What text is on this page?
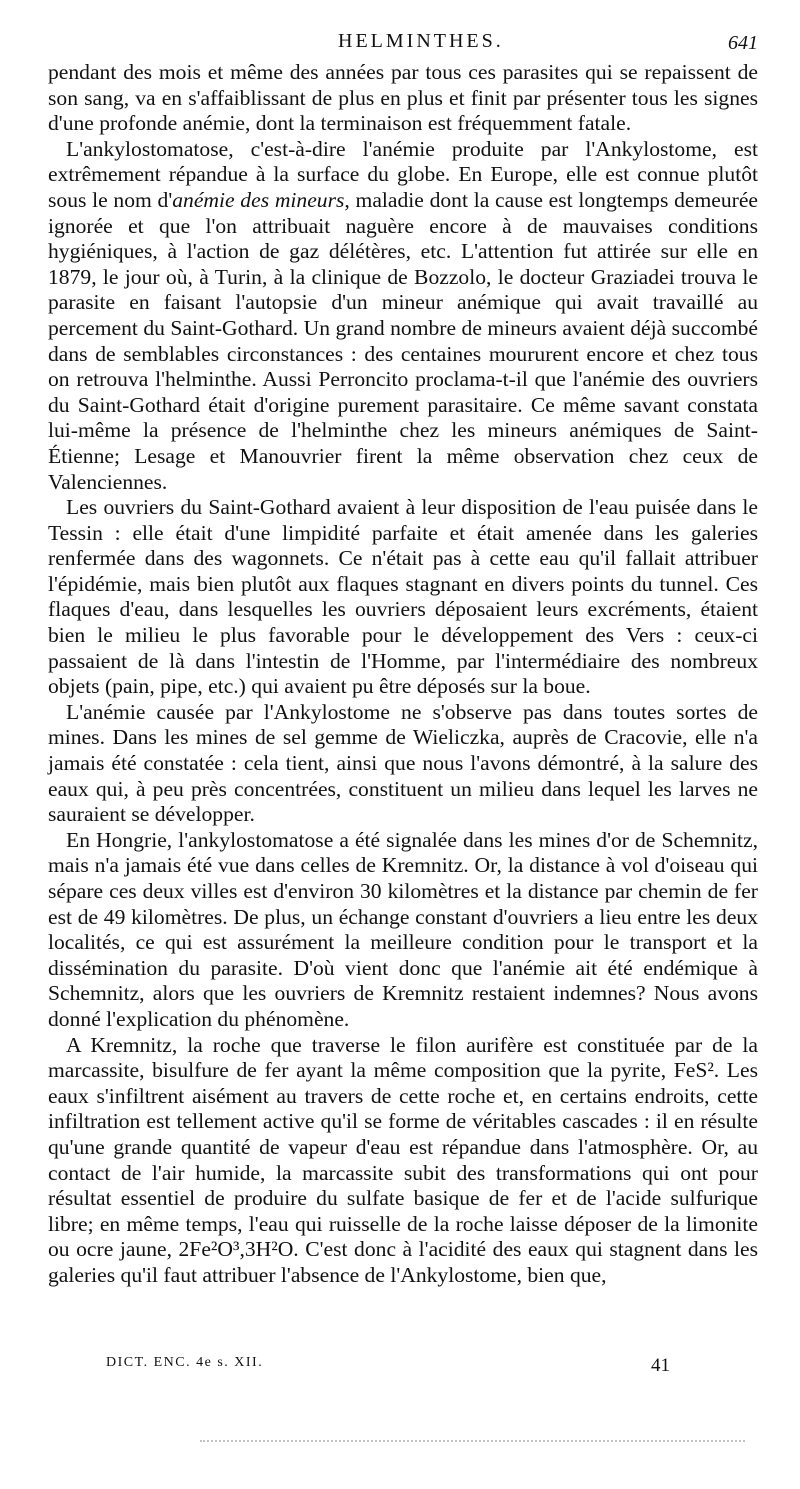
HELMINTHES.	641

pendant des mois et même des années par tous ces parasites qui se repaissent de son sang, va en s'affaiblissant de plus en plus et finit par présenter tous les signes d'une profonde anémie, dont la terminaison est fréquemment fatale.

L'ankylostomatose, c'est-à-dire l'anémie produite par l'Ankylostome, est extrêmement répandue à la surface du globe. En Europe, elle est connue plutôt sous le nom d'anémie des mineurs, maladie dont la cause est longtemps demeurée ignorée et que l'on attribuait naguère encore à de mauvaises conditions hygiéniques, à l'action de gaz délétères, etc. L'attention fut attirée sur elle en 1879, le jour où, à Turin, à la clinique de Bozzolo, le docteur Graziadei trouva le parasite en faisant l'autopsie d'un mineur anémique qui avait travaillé au percement du Saint-Gothard. Un grand nombre de mineurs avaient déjà succombé dans de semblables circonstances : des centaines moururent encore et chez tous on retrouva l'helminthe. Aussi Perroncito proclama-t-il que l'anémie des ouvriers du Saint-Gothard était d'origine purement parasitaire. Ce même savant constata lui-même la présence de l'helminthe chez les mineurs anémiques de Saint-Étienne; Lesage et Manouvrier firent la même observation chez ceux de Valenciennes.

Les ouvriers du Saint-Gothard avaient à leur disposition de l'eau puisée dans le Tessin : elle était d'une limpidité parfaite et était amenée dans les galeries renfermée dans des wagonnets. Ce n'était pas à cette eau qu'il fallait attribuer l'épidémie, mais bien plutôt aux flaques stagnant en divers points du tunnel. Ces flaques d'eau, dans lesquelles les ouvriers déposaient leurs excréments, étaient bien le milieu le plus favorable pour le développement des Vers : ceux-ci passaient de là dans l'intestin de l'Homme, par l'intermédiaire des nombreux objets (pain, pipe, etc.) qui avaient pu être déposés sur la boue.

L'anémie causée par l'Ankylostome ne s'observe pas dans toutes sortes de mines. Dans les mines de sel gemme de Wieliczka, auprès de Cracovie, elle n'a jamais été constatée : cela tient, ainsi que nous l'avons démontré, à la salure des eaux qui, à peu près concentrées, constituent un milieu dans lequel les larves ne sauraient se développer.

En Hongrie, l'ankylostomatose a été signalée dans les mines d'or de Schemnitz, mais n'a jamais été vue dans celles de Kremnitz. Or, la distance à vol d'oiseau qui sépare ces deux villes est d'environ 30 kilomètres et la distance par chemin de fer est de 49 kilomètres. De plus, un échange constant d'ouvriers a lieu entre les deux localités, ce qui est assurément la meilleure condition pour le transport et la dissémination du parasite. D'où vient donc que l'anémie ait été endémique à Schemnitz, alors que les ouvriers de Kremnitz restaient indemnes? Nous avons donné l'explication du phénomène.

A Kremnitz, la roche que traverse le filon aurifère est constituée par de la marcassite, bisulfure de fer ayant la même composition que la pyrite, FeS². Les eaux s'infiltrent aisément au travers de cette roche et, en certains endroits, cette infiltration est tellement active qu'il se forme de véritables cascades : il en résulte qu'une grande quantité de vapeur d'eau est répandue dans l'atmosphère. Or, au contact de l'air humide, la marcassite subit des transformations qui ont pour résultat essentiel de produire du sulfate basique de fer et de l'acide sulfurique libre; en même temps, l'eau qui ruisselle de la roche laisse déposer de la limonite ou ocre jaune, 2Fe²O³,3H²O. C'est donc à l'acidité des eaux qui stagnent dans les galeries qu'il faut attribuer l'absence de l'Ankylostome, bien que,

DICT. ENC. 4e s. XII.	41
